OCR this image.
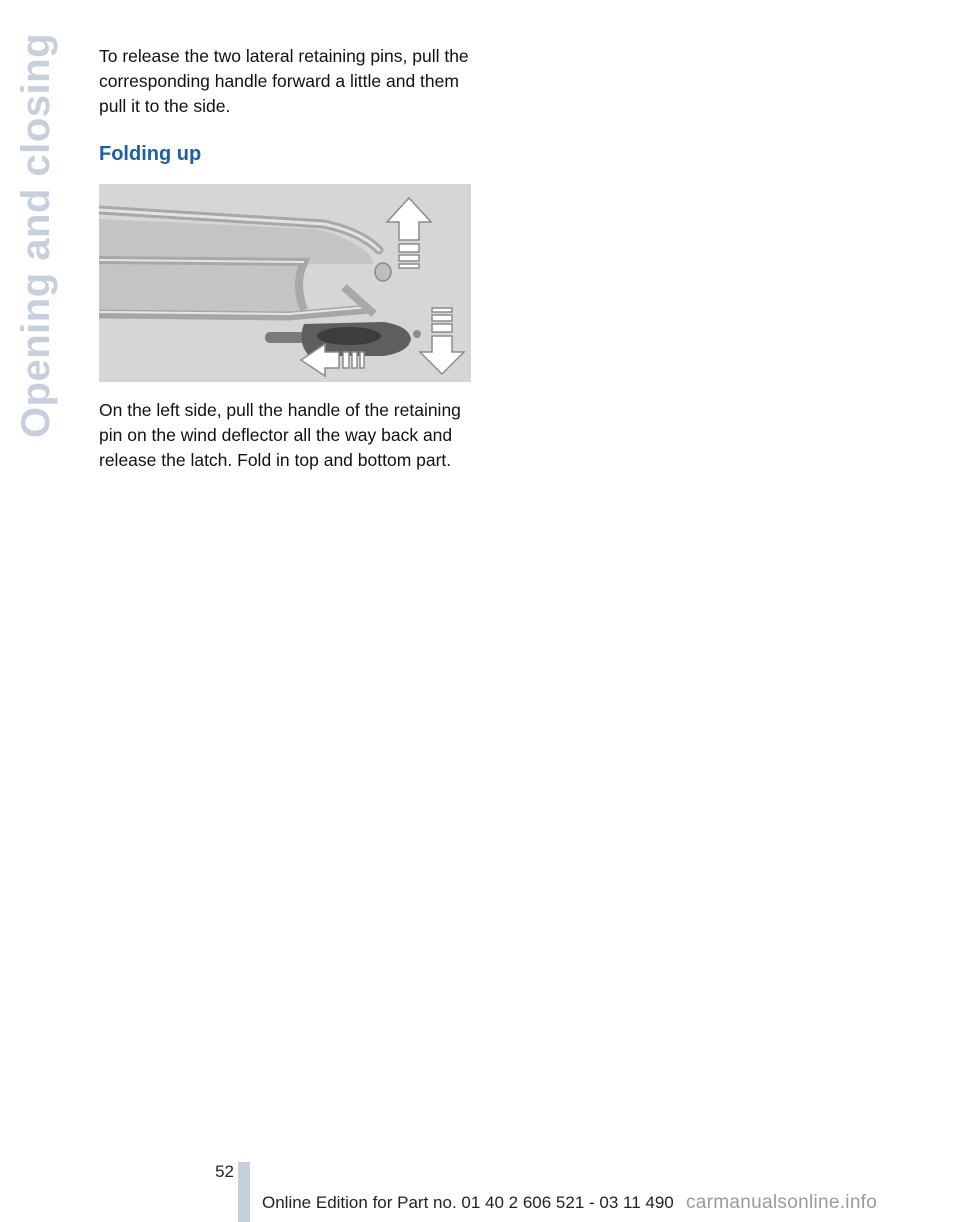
Opening and closing To release the two lateral retaining pins, pull the corresponding handle forward a little and them pull it to the side.

Folding up

On the left side, pull the handle of the retaining pin on the wind deflector all the way back and release the latch. Fold in top and bottom part.

52
Online Edition for Part no. 01 40 2 606 521 - 03 11 490 carmanualsonline.info
